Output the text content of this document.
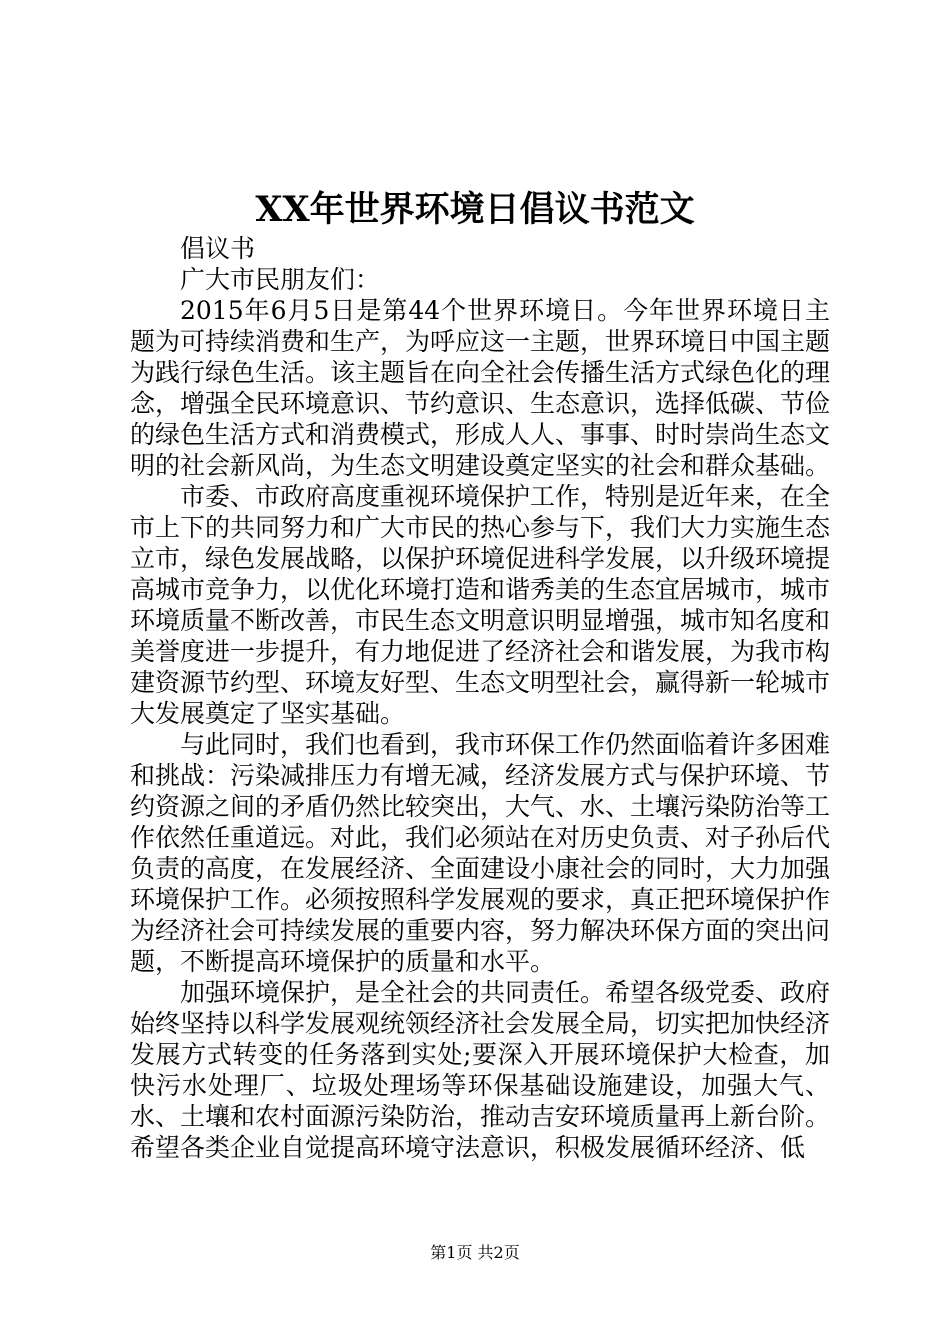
XX年世界环境日倡议书范文

倡议书

广大市民朋友们：

2015年6月5日是第44个世界环境日。今年世界环境日主题为可持续消费和生产，为呼应这一主题，世界环境日中国主题为践行绿色生活。该主题旨在向全社会传播生活方式绿色化的理念，增强全民环境意识、节约意识、生态意识，选择低碳、节俭的绿色生活方式和消费模式，形成人人、事事、时时崇尚生态文明的社会新风尚，为生态文明建设奠定坚实的社会和群众基础。

市委、市政府高度重视环境保护工作，特别是近年来，在全市上下的共同努力和广大市民的热心参与下，我们大力实施生态立市，绿色发展战略，以保护环境促进科学发展，以升级环境提高城市竞争力，以优化环境打造和谐秀美的生态宜居城市，城市环境质量不断改善，市民生态文明意识明显增强，城市知名度和美誉度进一步提升，有力地促进了经济社会和谐发展，为我市构建资源节约型、环境友好型、生态文明型社会，赢得新一轮城市大发展奠定了坚实基础。

与此同时，我们也看到，我市环保工作仍然面临着许多困难和挑战：污染减排压力有增无减，经济发展方式与保护环境、节约资源之间的矛盾仍然比较突出，大气、水、土壤污染防治等工作依然任重道远。对此，我们必须站在对历史负责、对子孙后代负责的高度，在发展经济、全面建设小康社会的同时，大力加强环境保护工作。必须按照科学发展观的要求，真正把环境保护作为经济社会可持续发展的重要内容，努力解决环保方面的突出问题，不断提高环境保护的质量和水平。

加强环境保护，是全社会的共同责任。希望各级党委、政府始终坚持以科学发展观统领经济社会发展全局，切实把加快经济发展方式转变的任务落到实处;要深入开展环境保护大检查，加快污水处理厂、垃圾处理场等环保基础设施建设，加强大气、水、土壤和农村面源污染防治，推动吉安环境质量再上新台阶。希望各类企业自觉提高环境守法意识，积极发展循环经济、低

第1页 共2页
